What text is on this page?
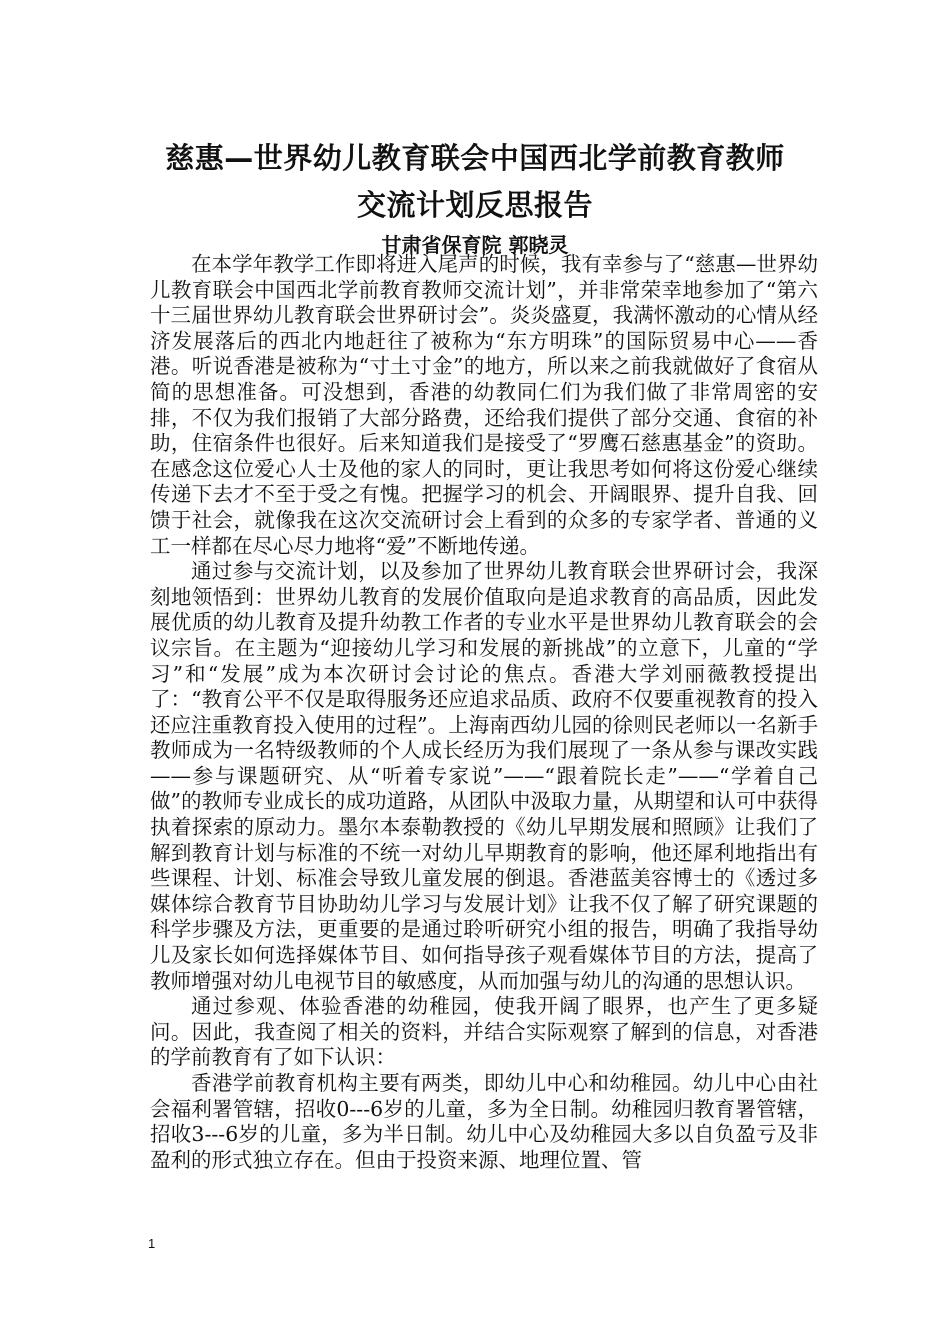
慈惠—世界幼儿教育联会中国西北学前教育教师
交流计划反思报告
甘肃省保育院 郭晓灵

在本学年教学工作即将进入尾声的时候，我有幸参与了“慈惠—世界幼儿教育联会中国西北学前教育教师交流计划”，并非常荣幸地参加了“第六十三届世界幼儿教育联会世界研讨会”。炎炎盛夏，我满怀激动的心情从经济发展落后的西北内地赶往了被称为“东方明珠”的国际贸易中心——香港。听说香港是被称为“寸土寸金”的地方，所以来之前我就做好了食宿从简的思想准备。可没想到，香港的幼教同仁们为我们做了非常周密的安排，不仅为我们报销了大部分路费，还给我们提供了部分交通、食宿的补助，住宿条件也很好。后来知道我们是接受了“罗鹰石慈惠基金”的资助。在感念这位爱心人士及他的家人的同时，更让我思考如何将这份爱心继续传递下去才不至于受之有愧。把握学习的机会、开阔眼界、提升自我、回馈于社会，就像我在这次交流研讨会上看到的众多的专家学者、普通的义工一样都在尽心尽力地将“爱”不断地传递。

通过参与交流计划，以及参加了世界幼儿教育联会世界研讨会，我深刻地领悟到：世界幼儿教育的发展价值取向是追求教育的高品质，因此发展优质的幼儿教育及提升幼教工作者的专业水平是世界幼儿教育联会的会议宗旨。在主题为“迎接幼儿学习和发展的新挑战”的立意下，儿童的“学习”和“发展”成为本次研讨会讨论的焦点。香港大学刘丽薇教授提出了：“教育公平不仅是取得服务还应追求品质、政府不仅要重视教育的投入还应注重教育投入使用的过程”。上海南西幼儿园的徐则民老师以一名新手教师成为一名特级教师的个人成长经历为我们展现了一条从参与课改实践——参与课题研究、从“听着专家说”——“跟着院长走”——“学着自己做”的教师专业成长的成功道路，从团队中汲取力量，从期望和认可中获得执着探索的原动力。墨尔本泰勒教授的《幼儿早期发展和照顾》让我们了解到教育计划与标准的不统一对幼儿早期教育的影响，他还犀利地指出有些课程、计划、标准会导致儿童发展的倒退。香港蓝美容博士的《透过多媒体综合教育节目协助幼儿学习与发展计划》让我不仅了解了研究课题的科学步骤及方法，更重要的是通过聆听研究小组的报告，明确了我指导幼儿及家长如何选择媒体节目、如何指导孩子观看媒体节目的方法，提高了教师增强对幼儿电视节目的敏感度，从而加强与幼儿的沟通的思想认识。

通过参观、体验香港的幼稚园，使我开阔了眼界，也产生了更多疑问。因此，我查阅了相关的资料，并结合实际观察了解到的信息，对香港的学前教育有了如下认识：

香港学前教育机构主要有两类，即幼儿中心和幼稚园。幼儿中心由社会福利署管辖，招收0---6岁的儿童，多为全日制。幼稚园归教育署管辖，招收3---6岁的儿童，多为半日制。幼儿中心及幼稚园大多以自负盈亏及非盈利的形式独立存在。但由于投资来源、地理位置、管

1
